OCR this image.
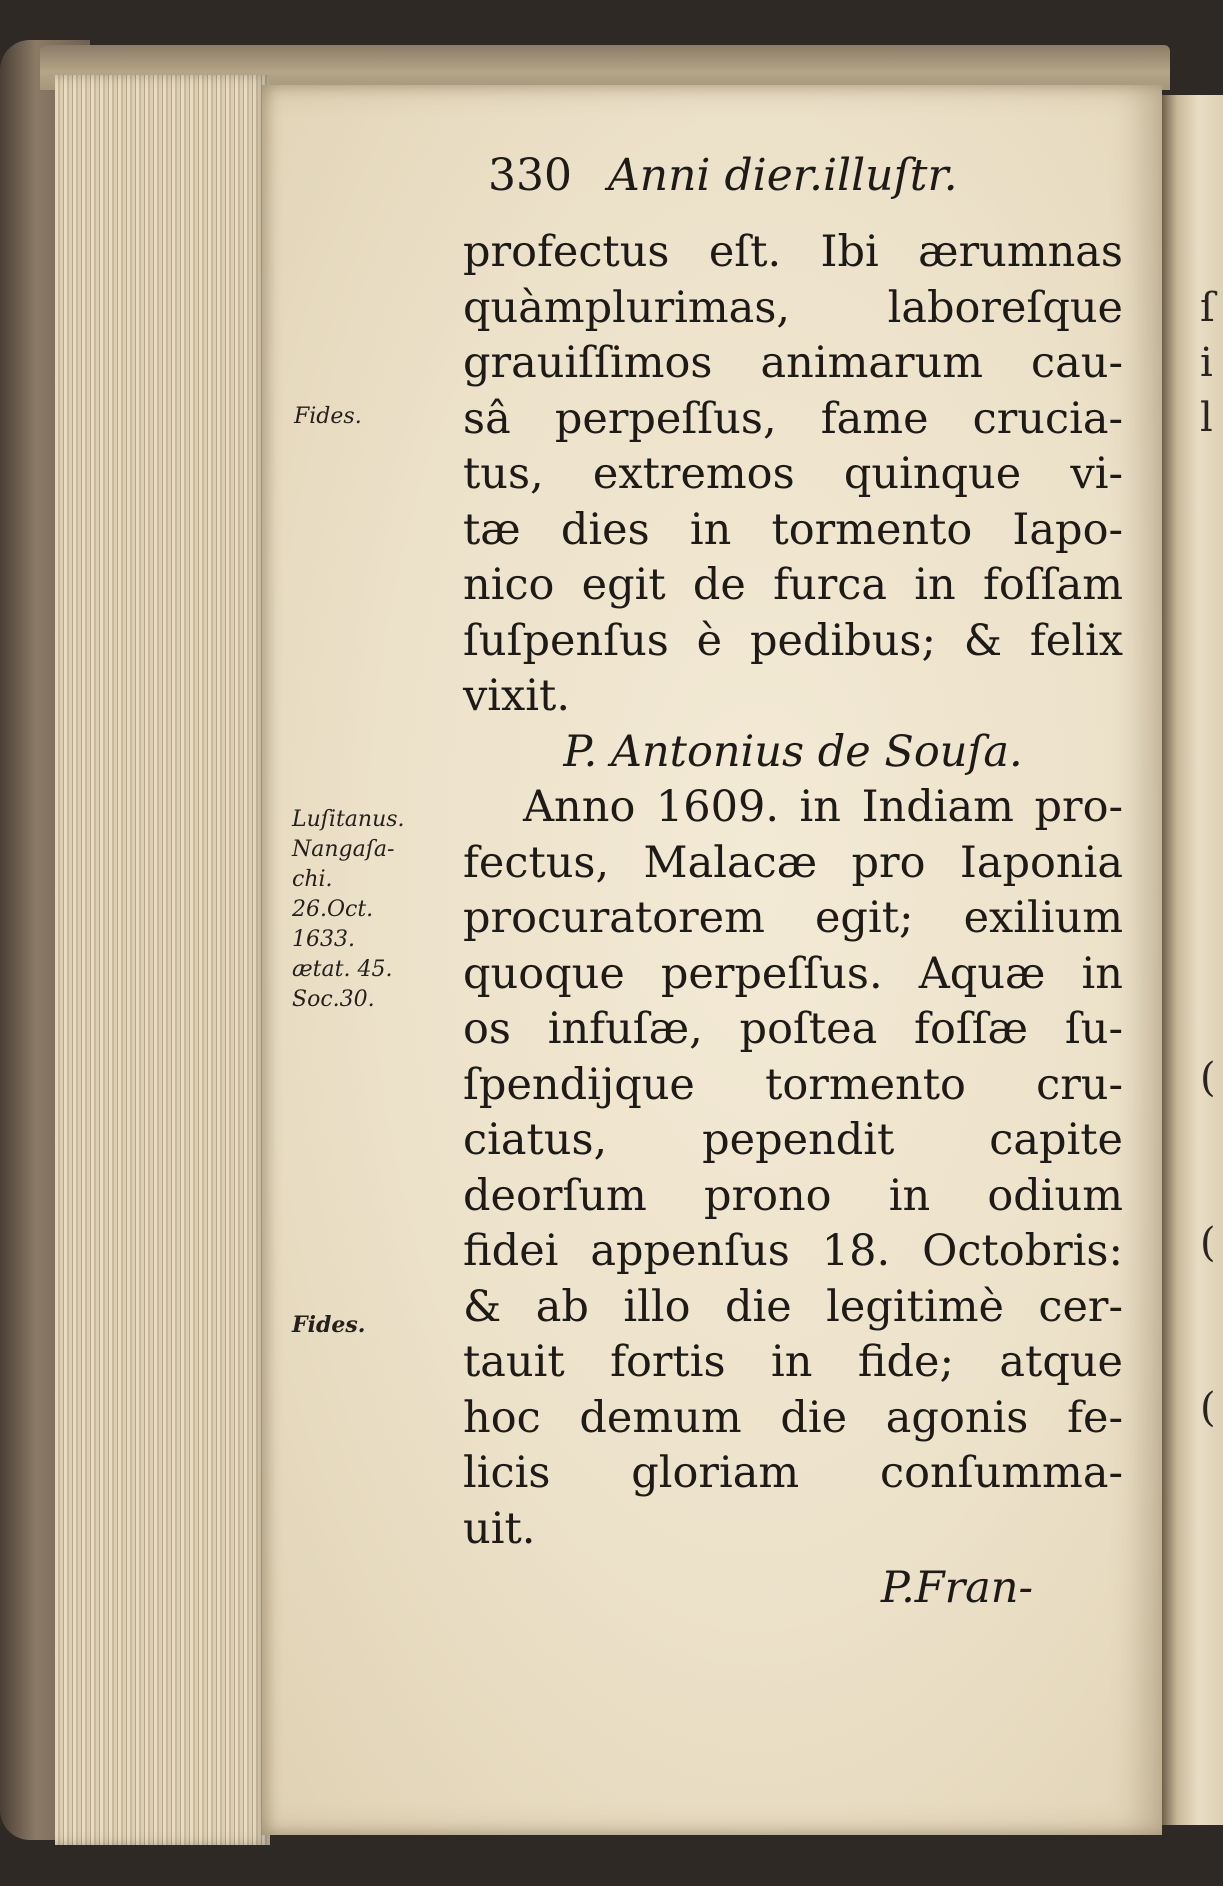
ſ
i
l
(
(
(
330 Anni dier.illuſtr.
profectus eſt. Ibi ærumnas
quàmplurimas, laboreſque
grauiſſimos animarum cau-
sâ perpeſſus, fame crucia-
tus, extremos quinque vi-
tæ dies in tormento Iapo-
nico egit de furca in foſſam
ſuſpenſus è pedibus; & felix
vixit.
P. Antonius de Souſa.
Anno 1609. in Indiam pro-
fectus, Malacæ pro Iaponia
procuratorem egit; exilium
quoque perpeſſus. Aquæ in
os infuſæ, poſtea foſſæ ſu-
ſpendijque tormento cru-
ciatus, pependit capite
deorſum prono in odium
fidei appenſus 18. Octobris:
& ab illo die legitimè cer-
tauit fortis in fide; atque
hoc demum die agonis fe-
licis gloriam conſumma-
uit.
P.Fran-
Fides.
Luſitanus.
Nangaſa-
chi.
26.Oct.
1633.
ætat. 45.
Soc.30.
Fides.
